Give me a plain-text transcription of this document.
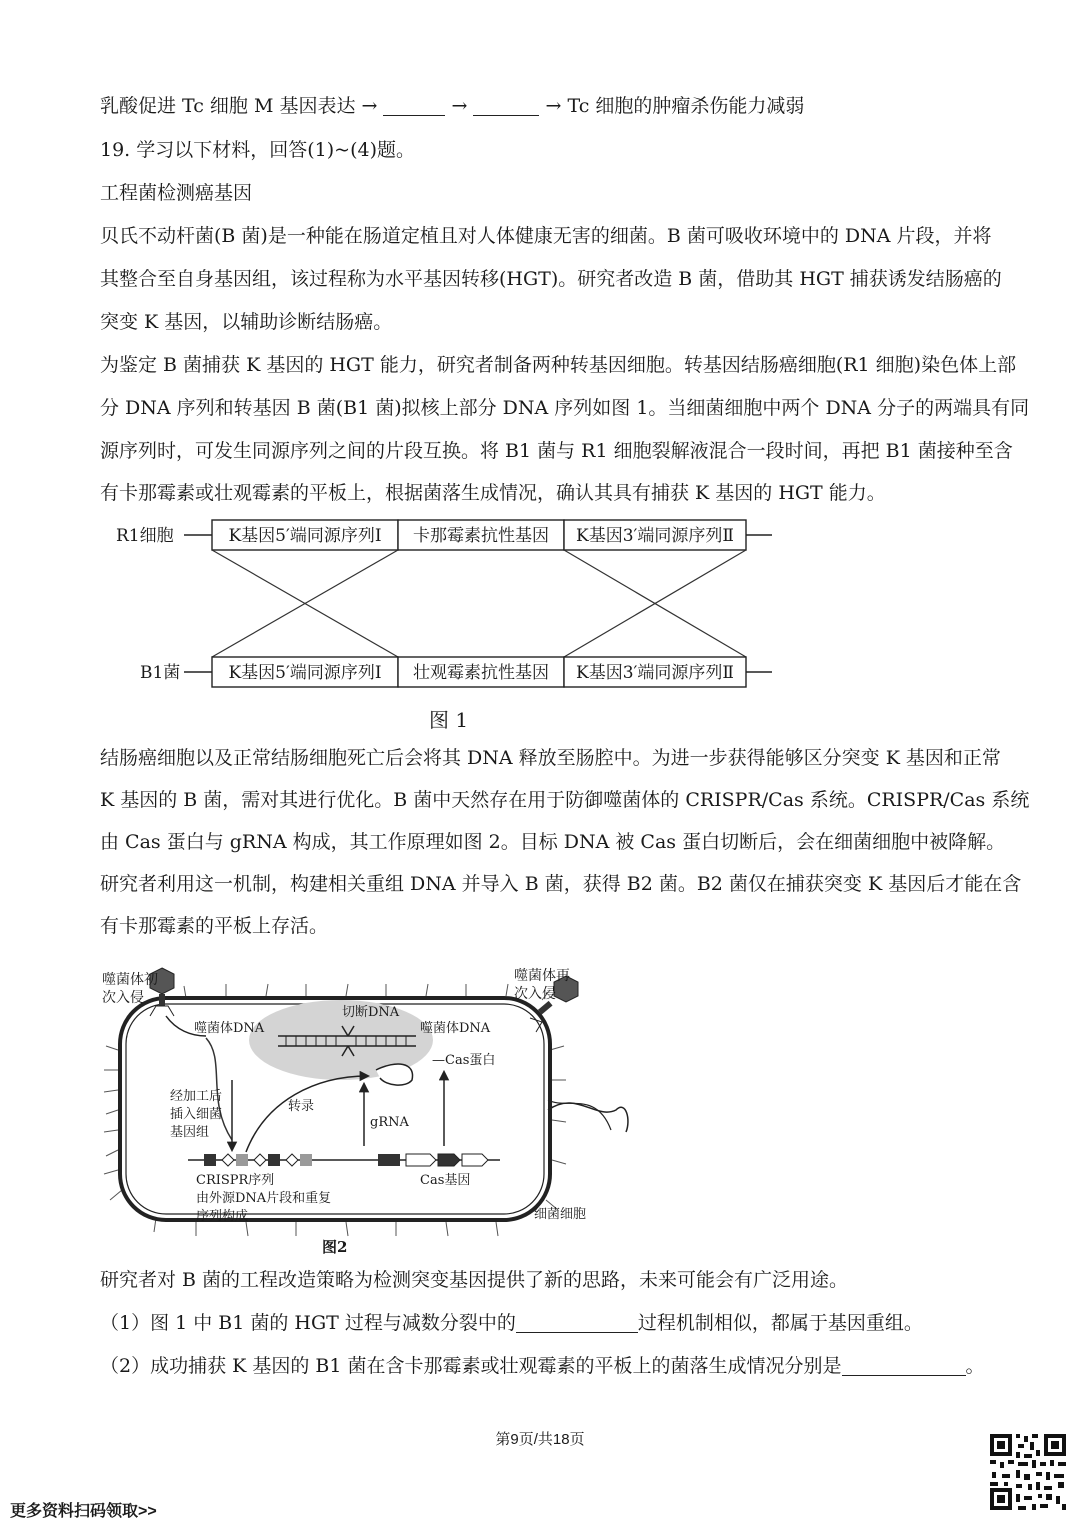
乳酸促进 Tc 细胞 M 基因表达 →	→	→ Tc 细胞的肿瘤杀伤能力减弱
19. 学习以下材料，回答(1)~(4)题。
工程菌检测癌基因
贝氏不动杆菌(B 菌)是一种能在肠道定植且对人体健康无害的细菌。B 菌可吸收环境中的 DNA 片段，并将
其整合至自身基因组，该过程称为水平基因转移(HGT)。研究者改造 B 菌，借助其 HGT 捕获诱发结肠癌的
突变 K 基因，以辅助诊断结肠癌。
为鉴定 B 菌捕获 K 基因的 HGT 能力，研究者制备两种转基因细胞。转基因结肠癌细胞(R1 细胞)染色体上部
分 DNA 序列和转基因 B 菌(B1 菌)拟核上部分 DNA 序列如图 1。当细菌细胞中两个 DNA 分子的两端具有同
源序列时，可发生同源序列之间的片段互换。将 B1 菌与 R1 细胞裂解液混合一段时间，再把 B1 菌接种至含
有卡那霉素或壮观霉素的平板上，根据菌落生成情况，确认其具有捕获 K 基因的 HGT 能力。
R1细胞	K基因5′端同源序列Ⅰ 卡那霉素抗性基因 K基因3′端同源序列Ⅱ
B1菌	K基因5′端同源序列Ⅰ 壮观霉素抗性基因 K基因3′端同源序列Ⅱ
图 1
结肠癌细胞以及正常结肠细胞死亡后会将其 DNA 释放至肠腔中。为进一步获得能够区分突变 K 基因和正常
K 基因的 B 菌，需对其进行优化。B 菌中天然存在用于防御噬菌体的 CRISPR/Cas 系统。CRISPR/Cas 系统
由 Cas 蛋白与 gRNA 构成，其工作原理如图 2。目标 DNA 被 Cas 蛋白切断后，会在细菌细胞中被降解。
研究者利用这一机制，构建相关重组 DNA 并导入 B 菌，获得 B2 菌。B2 菌仅在捕获突变 K 基因后才能在含
有卡那霉素的平板上存活。
噬菌体初
次入侵
噬菌体再
次入侵
噬菌体DNA	噬菌体DNA
切断DNA
—Cas蛋白
经加工后
插入细菌
基因组
转录
gRNA
CRISPR序列
由外源DNA片段和重复
序列构成
Cas基因
细菌细胞
图2
研究者对 B 菌的工程改造策略为检测突变基因提供了新的思路，未来可能会有广泛用途。
（1）图 1 中 B1 菌的 HGT 过程与减数分裂中的	过程机制相似，都属于基因重组。
（2）成功捕获 K 基因的 B1 菌在含卡那霉素或壮观霉素的平板上的菌落生成情况分别是	。
第9页/共18页
更多资料扫码领取>>
